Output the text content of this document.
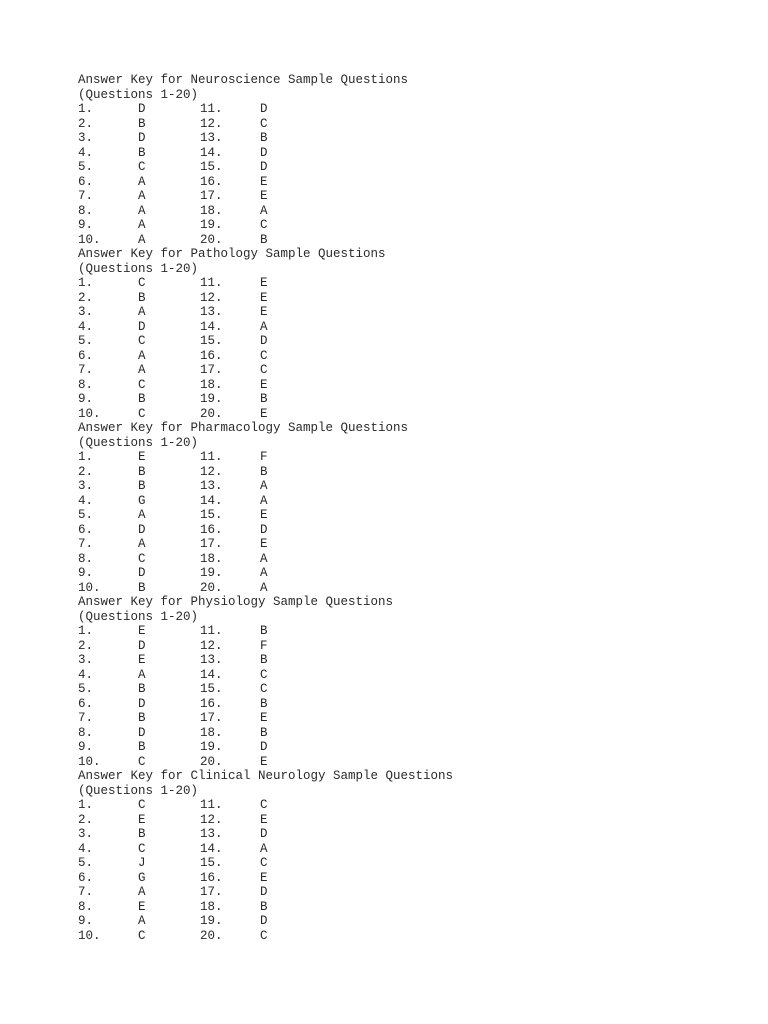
Answer Key for Neuroscience Sample Questions
(Questions 1-20)
1.	D	11.	D
2.	B	12.	C
3.	D	13.	B
4.	B	14.	D
5.	C	15.	D
6.	A	16.	E
7.	A	17.	E
8.	A	18.	A
9.	A	19.	C
10.	A	20.	B
Answer Key for Pathology Sample Questions
(Questions 1-20)
1.	C	11.	E
2.	B	12.	E
3.	A	13.	E
4.	D	14.	A
5.	C	15.	D
6.	A	16.	C
7.	A	17.	C
8.	C	18.	E
9.	B	19.	B
10.	C	20.	E
Answer Key for Pharmacology Sample Questions
(Questions 1-20)
1.	E	11.	F
2.	B	12.	B
3.	B	13.	A
4.	G	14.	A
5.	A	15.	E
6.	D	16.	D
7.	A	17.	E
8.	C	18.	A
9.	D	19.	A
10.	B	20.	A
Answer Key for Physiology Sample Questions
(Questions 1-20)
1.	E	11.	B
2.	D	12.	F
3.	E	13.	B
4.	A	14.	C
5.	B	15.	C
6.	D	16.	B
7.	B	17.	E
8.	D	18.	B
9.	B	19.	D
10.	C	20.	E
Answer Key for Clinical Neurology Sample Questions
(Questions 1-20)
1.	C	11.	C
2.	E	12.	E
3.	B	13.	D
4.	C	14.	A
5.	J	15.	C
6.	G	16.	E
7.	A	17.	D
8.	E	18.	B
9.	A	19.	D
10.	C	20.	C
